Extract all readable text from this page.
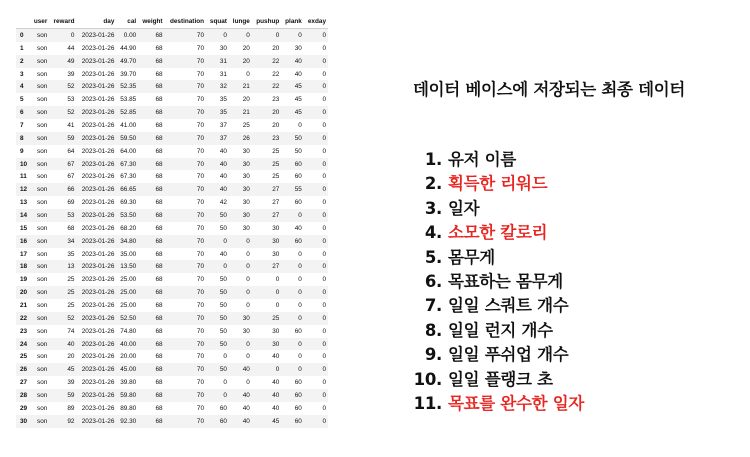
	user	reward	day	cal	weight	destination	squat	lunge	pushup	plank	exday
0	son	0	2023-01-26	0.00	68	70	0	0	0	0	0
1	son	44	2023-01-26	44.90	68	70	30	20	20	30	0
2	son	49	2023-01-26	49.70	68	70	31	20	22	40	0
3	son	39	2023-01-26	39.70	68	70	31	0	22	40	0
4	son	52	2023-01-26	52.35	68	70	32	21	22	45	0
5	son	53	2023-01-26	53.85	68	70	35	20	23	45	0
6	son	52	2023-01-26	52.85	68	70	35	21	20	45	0
7	son	41	2023-01-26	41.00	68	70	37	25	20	0	0
8	son	59	2023-01-26	59.50	68	70	37	26	23	50	0
9	son	64	2023-01-26	64.00	68	70	40	30	25	50	0
10	son	67	2023-01-26	67.30	68	70	40	30	25	60	0
11	son	67	2023-01-26	67.30	68	70	40	30	25	60	0
12	son	66	2023-01-26	66.65	68	70	40	30	27	55	0
13	son	69	2023-01-26	69.30	68	70	42	30	27	60	0
14	son	53	2023-01-26	53.50	68	70	50	30	27	0	0
15	son	68	2023-01-26	68.20	68	70	50	30	30	40	0
16	son	34	2023-01-26	34.80	68	70	0	0	30	60	0
17	son	35	2023-01-26	35.00	68	70	40	0	30	0	0
18	son	13	2023-01-26	13.50	68	70	0	0	27	0	0
19	son	25	2023-01-26	25.00	68	70	50	0	0	0	0
20	son	25	2023-01-26	25.00	68	70	50	0	0	0	0
21	son	25	2023-01-26	25.00	68	70	50	0	0	0	0
22	son	52	2023-01-26	52.50	68	70	50	30	25	0	0
23	son	74	2023-01-26	74.80	68	70	50	30	30	60	0
24	son	40	2023-01-26	40.00	68	70	50	0	30	0	0
25	son	20	2023-01-26	20.00	68	70	0	0	40	0	0
26	son	45	2023-01-26	45.00	68	70	50	40	0	0	0
27	son	39	2023-01-26	39.80	68	70	0	0	40	60	0
28	son	59	2023-01-26	59.80	68	70	0	40	40	60	0
29	son	89	2023-01-26	89.80	68	70	60	40	40	60	0
30	son	92	2023-01-26	92.30	68	70	60	40	45	60	0
데이터 베이스에 저장되는 최종 데이터
1. 유저 이름
2. 획득한 리워드
3. 일자
4. 소모한 칼로리
5. 몸무게
6. 목표하는 몸무게
7. 일일 스쿼트 개수
8. 일일 런지 개수
9. 일일 푸쉬업 개수
10. 일일 플랭크 초
11. 목표를 완수한 일자
